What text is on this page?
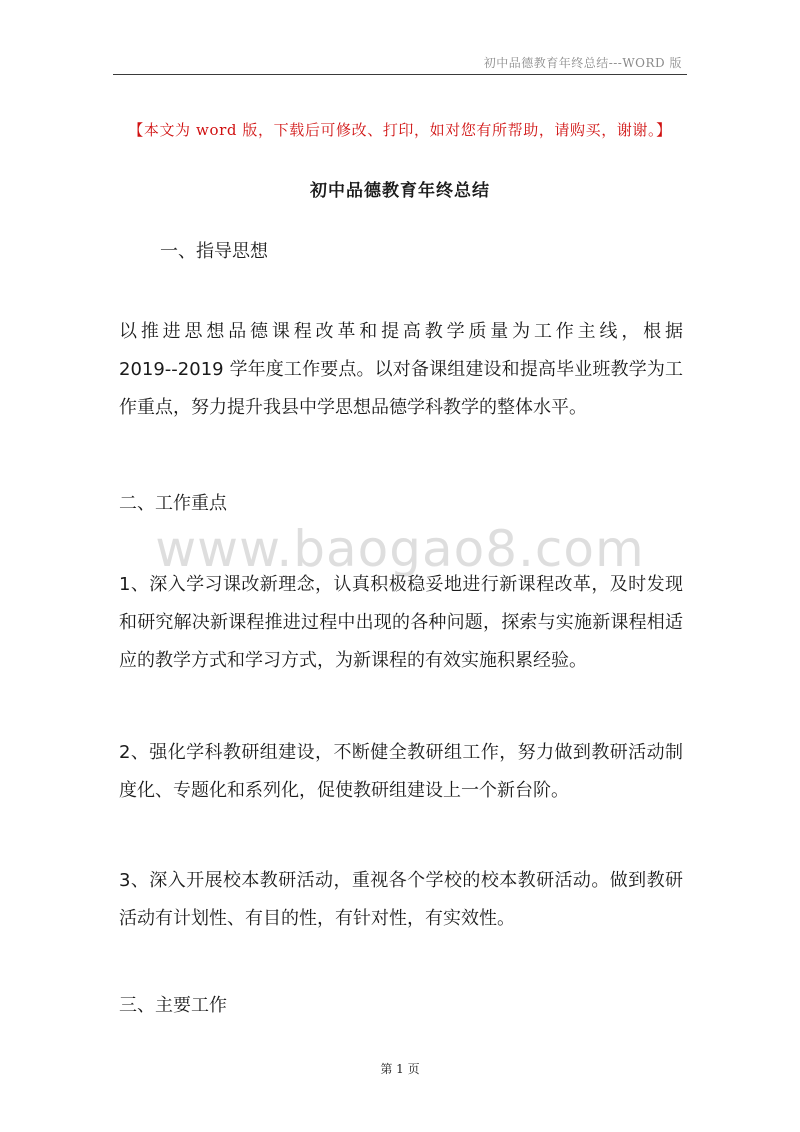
初中品德教育年终总结---WORD 版
【本文为 word 版，下载后可修改、打印，如对您有所帮助，请购买，谢谢。】
初中品德教育年终总结
一、指导思想

以推进思想品德课程改革和提高教学质量为工作主线，根据

2019--2019 学年度工作要点。以对备课组建设和提高毕业班教学为工作重点，努力提升我县中学思想品德学科教学的整体水平。

二、工作重点
www.baogao8.com

1、深入学习课改新理念，认真积极稳妥地进行新课程改革，及时发现和研究解决新课程推进过程中出现的各种问题，探索与实施新课程相适应的教学方式和学习方式，为新课程的有效实施积累经验。

2、强化学科教研组建设，不断健全教研组工作，努力做到教研活动制度化、专题化和系列化，促使教研组建设上一个新台阶。

3、深入开展校本教研活动，重视各个学校的校本教研活动。做到教研活动有计划性、有目的性，有针对性，有实效性。

三、主要工作
第 1 页
